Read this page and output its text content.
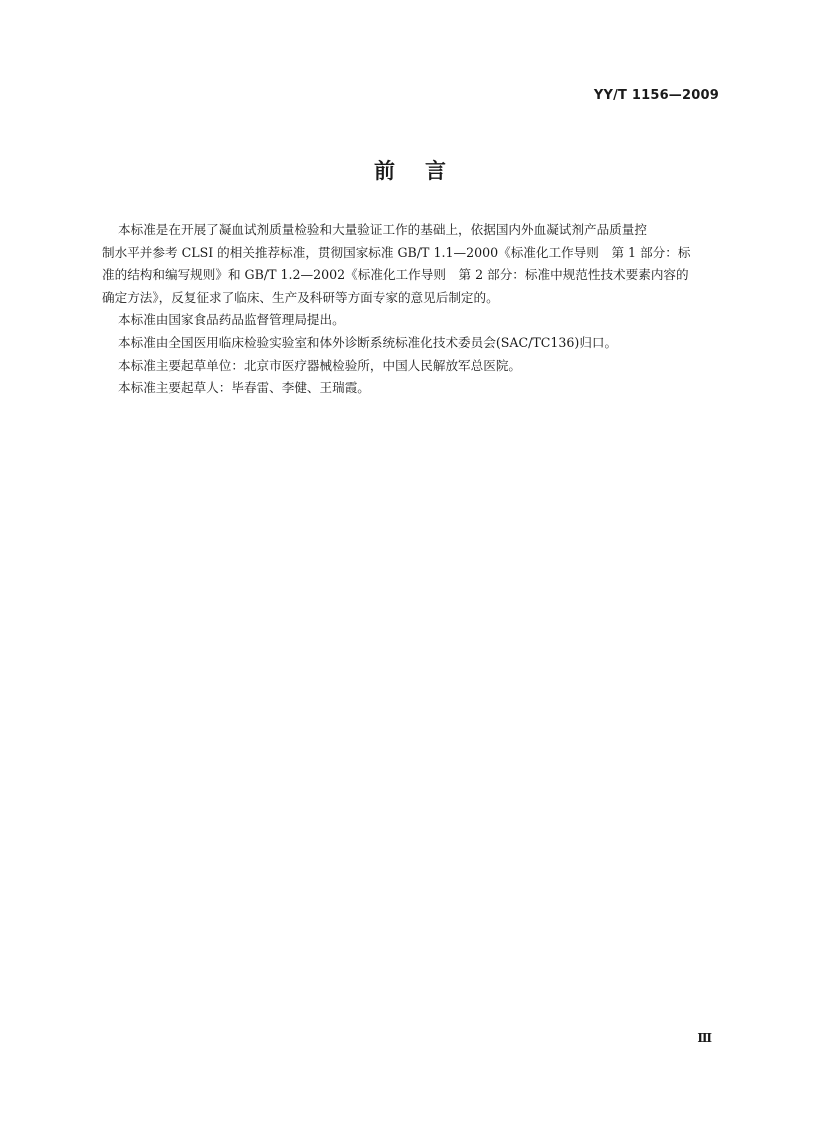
YY/T 1156—2009
前言

本标准是在开展了凝血试剂质量检验和大量验证工作的基础上，依据国内外血凝试剂产品质量控
制水平并参考 CLSI 的相关推荐标准，贯彻国家标准 GB/T 1.1—2000《标准化工作导则　第 1 部分：标
准的结构和编写规则》和 GB/T 1.2—2002《标准化工作导则　第 2 部分：标准中规范性技术要素内容的
确定方法》，反复征求了临床、生产及科研等方面专家的意见后制定的。

本标准由国家食品药品监督管理局提出。

本标准由全国医用临床检验实验室和体外诊断系统标准化技术委员会(SAC/TC136)归口。

本标准主要起草单位：北京市医疗器械检验所，中国人民解放军总医院。

本标准主要起草人：毕春雷、李健、王瑞霞。

Ⅲ
